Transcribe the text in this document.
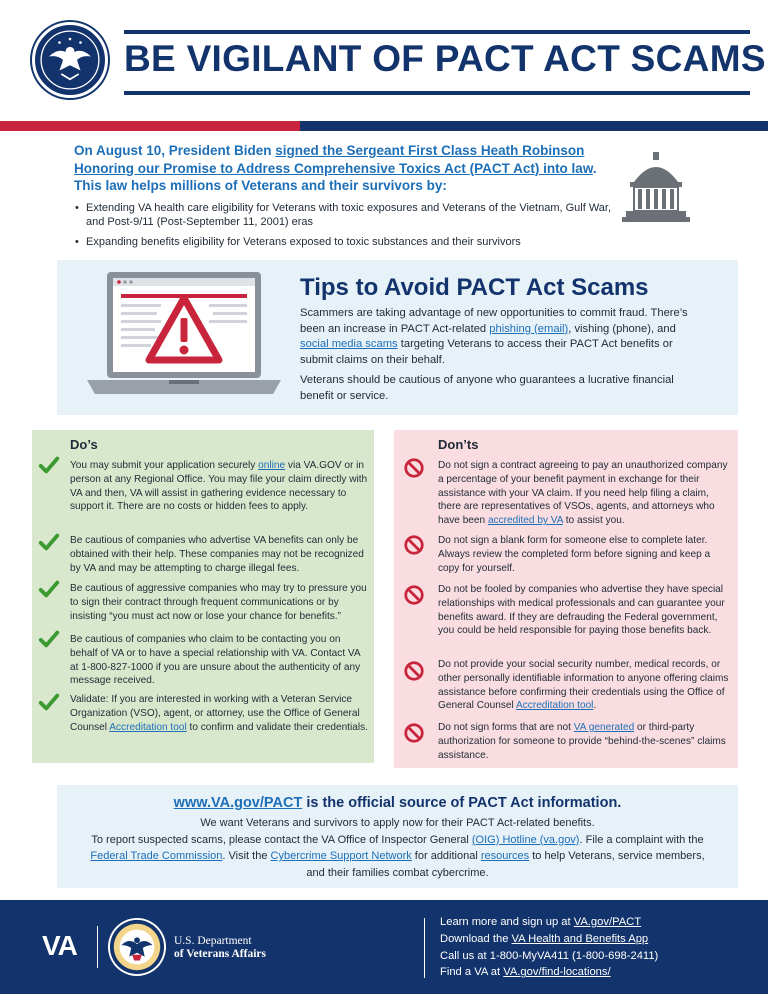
BE VIGILANT OF PACT ACT SCAMS

On August 10, President Biden signed the Sergeant First Class Heath Robinson Honoring our Promise to Address Comprehensive Toxics Act (PACT Act) into law. This law helps millions of Veterans and their survivors by:

• Extending VA health care eligibility for Veterans with toxic exposures and Veterans of the Vietnam, Gulf War, and Post-9/11 (Post-September 11, 2001) eras
• Expanding benefits eligibility for Veterans exposed to toxic substances and their survivors
Tips to Avoid PACT Act Scams

Scammers are taking advantage of new opportunities to commit fraud. There’s been an increase in PACT Act-related phishing (email), vishing (phone), and social media scams targeting Veterans to access their PACT Act benefits or submit claims on their behalf.

Veterans should be cautious of anyone who guarantees a lucrative financial benefit or service.

Do’s
You may submit your application securely online via VA.GOV or in person at any Regional Office. You may file your claim directly with VA and then, VA will assist in gathering evidence necessary to support it. There are no costs or hidden fees to apply.
Be cautious of companies who advertise VA benefits can only be obtained with their help. These companies may not be recognized by VA and may be attempting to charge illegal fees.
Be cautious of aggressive companies who may try to pressure you to sign their contract through frequent communications or by insisting “you must act now or lose your chance for benefits.”
Be cautious of companies who claim to be contacting you on behalf of VA or to have a special relationship with VA. Contact VA at 1-800-827-1000 if you are unsure about the authenticity of any message received.
Validate: If you are interested in working with a Veteran Service Organization (VSO), agent, or attorney, use the Office of General Counsel Accreditation tool to confirm and validate their credentials.
Don’ts
Do not sign a contract agreeing to pay an unauthorized company a percentage of your benefit payment in exchange for their assistance with your VA claim. If you need help filing a claim, there are representatives of VSOs, agents, and attorneys who have been accredited by VA to assist you.
Do not sign a blank form for someone else to complete later. Always review the completed form before signing and keep a copy for yourself.
Do not be fooled by companies who advertise they have special relationships with medical professionals and can guarantee your benefits award. If they are defrauding the Federal government, you could be held responsible for paying those benefits back.
Do not provide your social security number, medical records, or other personally identifiable information to anyone offering claims assistance before confirming their credentials using the Office of General Counsel Accreditation tool.
Do not sign forms that are not VA generated or third-party authorization for someone to provide “behind-the-scenes” claims assistance.
www.VA.gov/PACT is the official source of PACT Act information.
We want Veterans and survivors to apply now for their PACT Act-related benefits.
To report suspected scams, please contact the VA Office of Inspector General (OIG) Hotline (va.gov). File a complaint with the Federal Trade Commission. Visit the Cybercrime Support Network for additional resources to help Veterans, service members, and their families combat cybercrime.
VA	U.S. Department
of Veterans Affairs
Learn more and sign up at VA.gov/PACT
Download the VA Health and Benefits App
Call us at 1-800-MyVA411 (1-800-698-2411)
Find a VA at VA.gov/find-locations/
